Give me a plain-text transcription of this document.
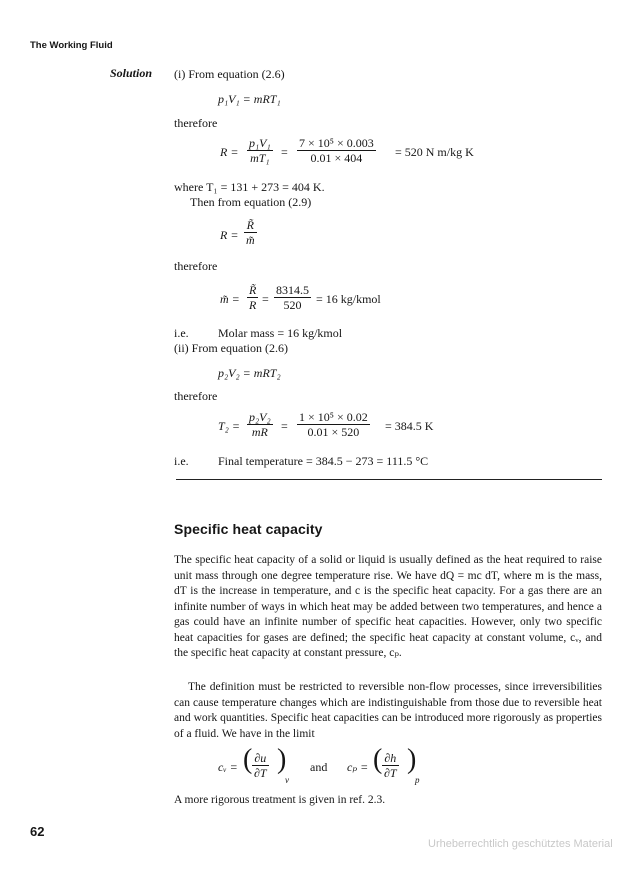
The Working Fluid
Solution (i) From equation (2.6)
p₁V₁ = mRT₁
therefore
$R = \frac{\text{p₁V₁}}{\text{mT₁}} = \frac{\text{7 × 10⁵ × 0.003}}{0.01 \times 404} = 520$ N m/kg K
where T₁ = 131 + 273 = 404 K.
Then from equation (2.9)
$R = \frac{R̃}{m̃}$
therefore
m̃ = $\frac{R̃}{R} = \frac{8314.5}{520} = 16$ kg/kmol
i.e. Molar mass = 16 kg/kmol
(ii) From equation (2.6)
p₂V₂ = mRT₂
therefore
$T_2 = \frac{\text{p₂V₂}}{mR} = \frac{\text{1 × 10⁵ × 0.02}}{0.01 \times 520} = 384.5$ K
i.e. Final temperature = 384.5 − 273 = 111.5 °C
Specific heat capacity
The specific heat capacity of a solid or liquid is usually defined as the heat required to raise unit mass through one degree temperature rise. We have dQ = mc dT, where m is the mass, dT is the increase in temperature, and c is the specific heat capacity. For a gas there are an infinite number of ways in which heat may be added between two temperatures, and hence a gas could have an infinite number of specific heat capacities. However, only two specific heat capacities for gases are defined; the specific heat capacity at constant volume, cᵥ, and the specific heat capacity at constant pressure, cₚ.
The definition must be restricted to reversible non-flow processes, since irreversibilities can cause temperature changes which are indistinguishable from those due to reversible heat and work quantities. Specific heat capacities can be introduced more rigorously as properties of a fluid. We have in the limit
cᵥ = ( $\frac{\partial u}{\partial T}$ )
v
and cₚ = ( $\frac{\partial h}{\partial T}$ )
p
A more rigorous treatment is given in ref. 2.3.
62
Urheberrechtlich geschütztes Material
